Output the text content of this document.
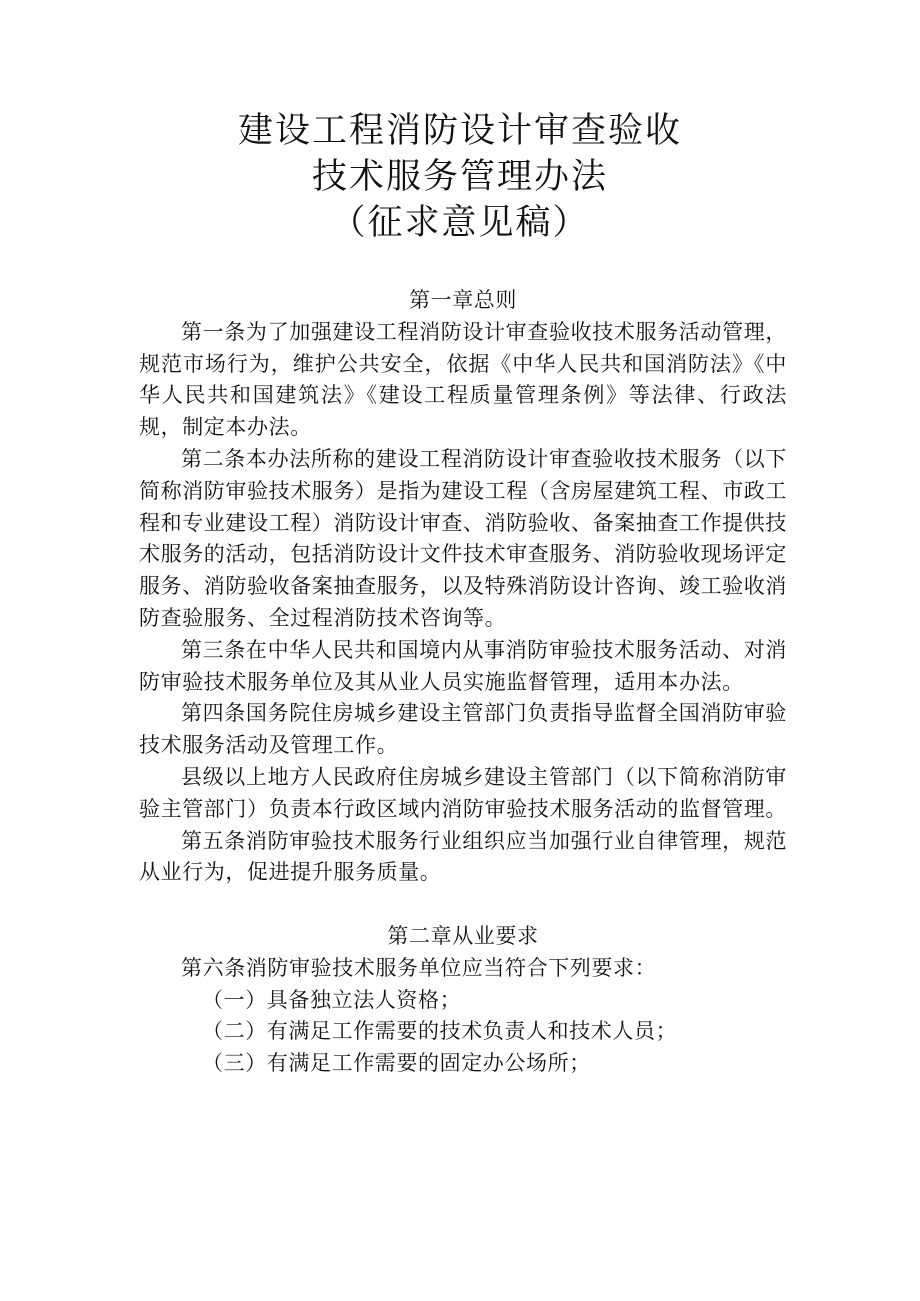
建设工程消防设计审查验收
技术服务管理办法
（征求意见稿）

第一章总则

第一条为了加强建设工程消防设计审查验收技术服务活动管理，规范市场行为，维护公共安全，依据《中华人民共和国消防法》《中华人民共和国建筑法》《建设工程质量管理条例》等法律、行政法规，制定本办法。

第二条本办法所称的建设工程消防设计审查验收技术服务（以下简称消防审验技术服务）是指为建设工程（含房屋建筑工程、市政工程和专业建设工程）消防设计审查、消防验收、备案抽查工作提供技术服务的活动，包括消防设计文件技术审查服务、消防验收现场评定服务、消防验收备案抽查服务，以及特殊消防设计咨询、竣工验收消防查验服务、全过程消防技术咨询等。

第三条在中华人民共和国境内从事消防审验技术服务活动、对消防审验技术服务单位及其从业人员实施监督管理，适用本办法。

第四条国务院住房城乡建设主管部门负责指导监督全国消防审验技术服务活动及管理工作。

县级以上地方人民政府住房城乡建设主管部门（以下简称消防审验主管部门）负责本行政区域内消防审验技术服务活动的监督管理。

第五条消防审验技术服务行业组织应当加强行业自律管理，规范从业行为，促进提升服务质量。

第二章从业要求

第六条消防审验技术服务单位应当符合下列要求：

（一）具备独立法人资格；

（二）有满足工作需要的技术负责人和技术人员；

（三）有满足工作需要的固定办公场所；
